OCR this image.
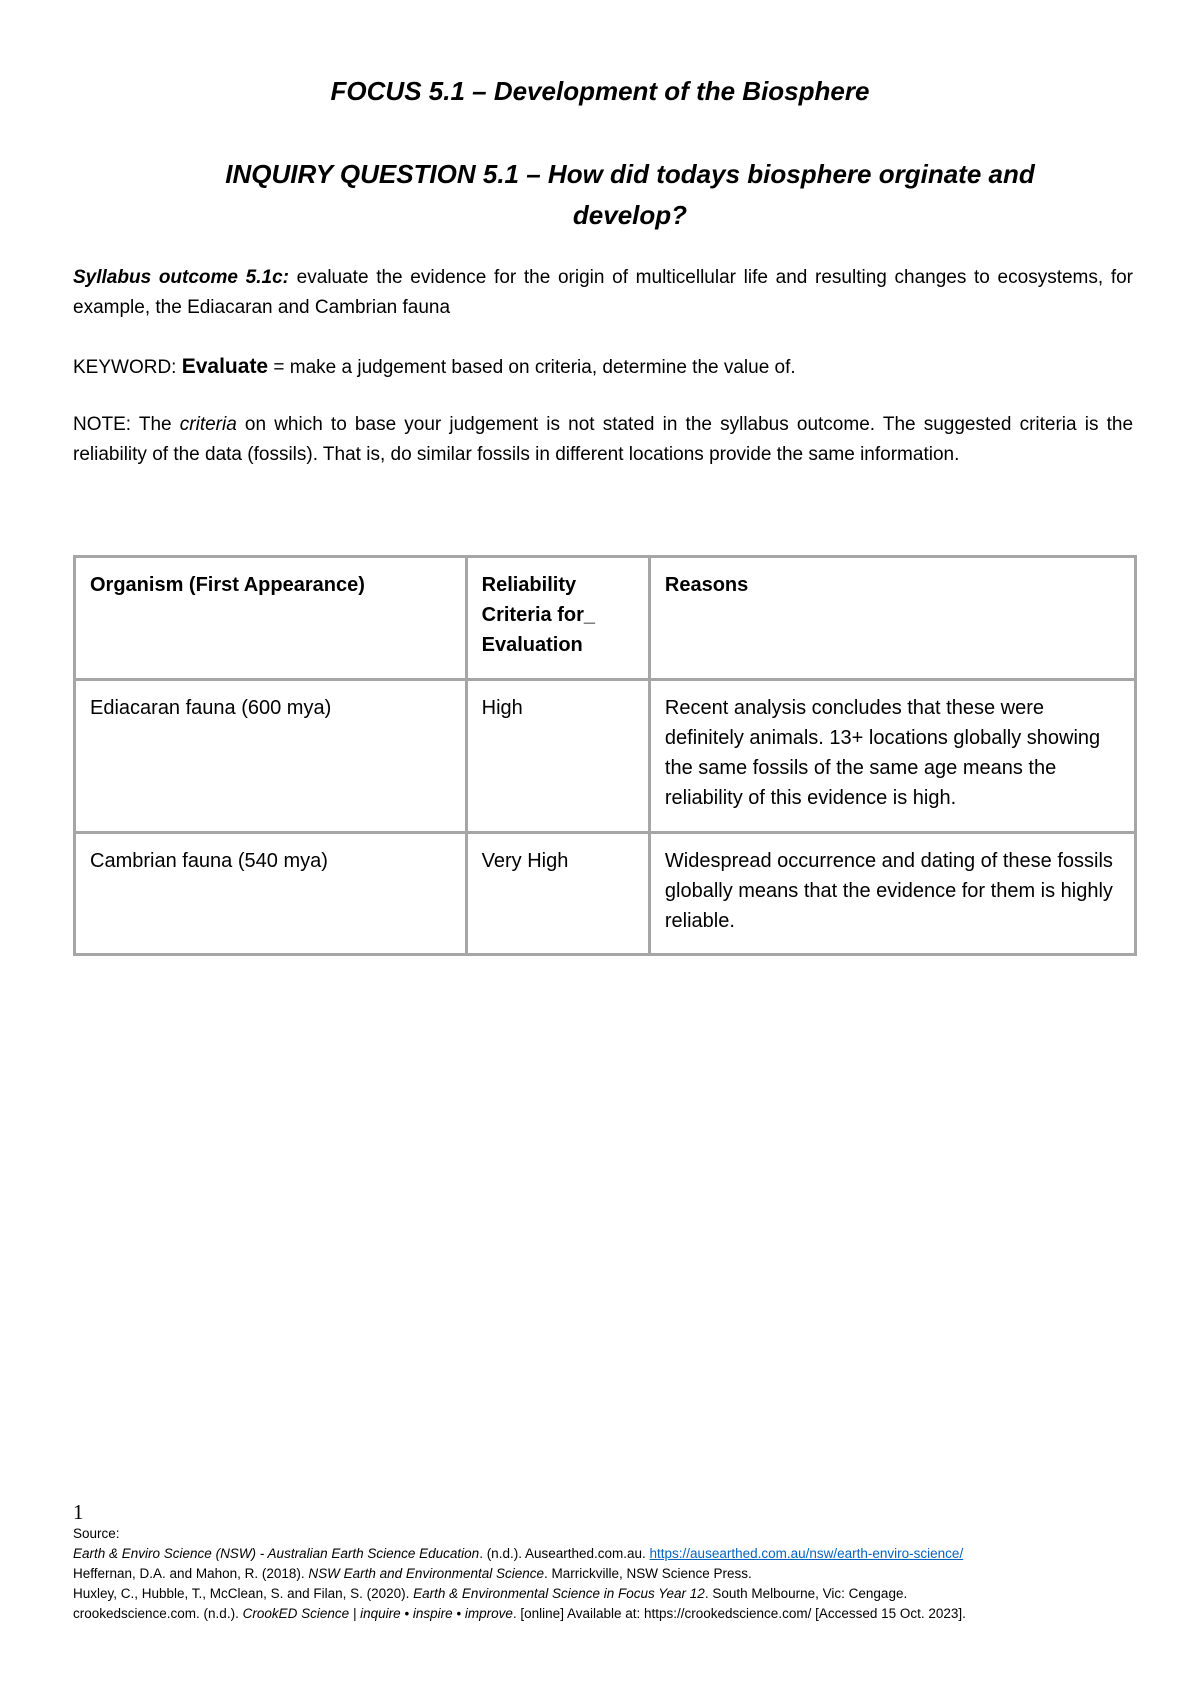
FOCUS 5.1 – Development of the Biosphere
INQUIRY QUESTION 5.1 – How did todays biosphere orginate and develop?
Syllabus outcome 5.1c: evaluate the evidence for the origin of multicellular life and resulting changes to ecosystems, for example, the Ediacaran and Cambrian fauna
KEYWORD: Evaluate = make a judgement based on criteria, determine the value of.
NOTE: The criteria on which to base your judgement is not stated in the syllabus outcome. The suggested criteria is the reliability of the data (fossils). That is, do similar fossils in different locations provide the same information.
Organism (First Appearance)	Reliability Criteria for_ Evaluation	Reasons
Ediacaran fauna (600 mya)	High	Recent analysis concludes that these were definitely animals. 13+ locations globally showing the same fossils of the same age means the reliability of this evidence is high.
Cambrian fauna (540 mya)	Very High	Widespread occurrence and dating of these fossils globally means that the evidence for them is highly reliable.
1
Source:
Earth & Enviro Science (NSW) - Australian Earth Science Education. (n.d.). Ausearthed.com.au. https://ausearthed.com.au/nsw/earth-enviro-science/
Heffernan, D.A. and Mahon, R. (2018). NSW Earth and Environmental Science. Marrickville, NSW Science Press.
Huxley, C., Hubble, T., McClean, S. and Filan, S. (2020). Earth & Environmental Science in Focus Year 12. South Melbourne, Vic: Cengage.
crookedscience.com. (n.d.). CrookED Science | inquire • inspire • improve. [online] Available at: https://crookedscience.com/ [Accessed 15 Oct. 2023].
